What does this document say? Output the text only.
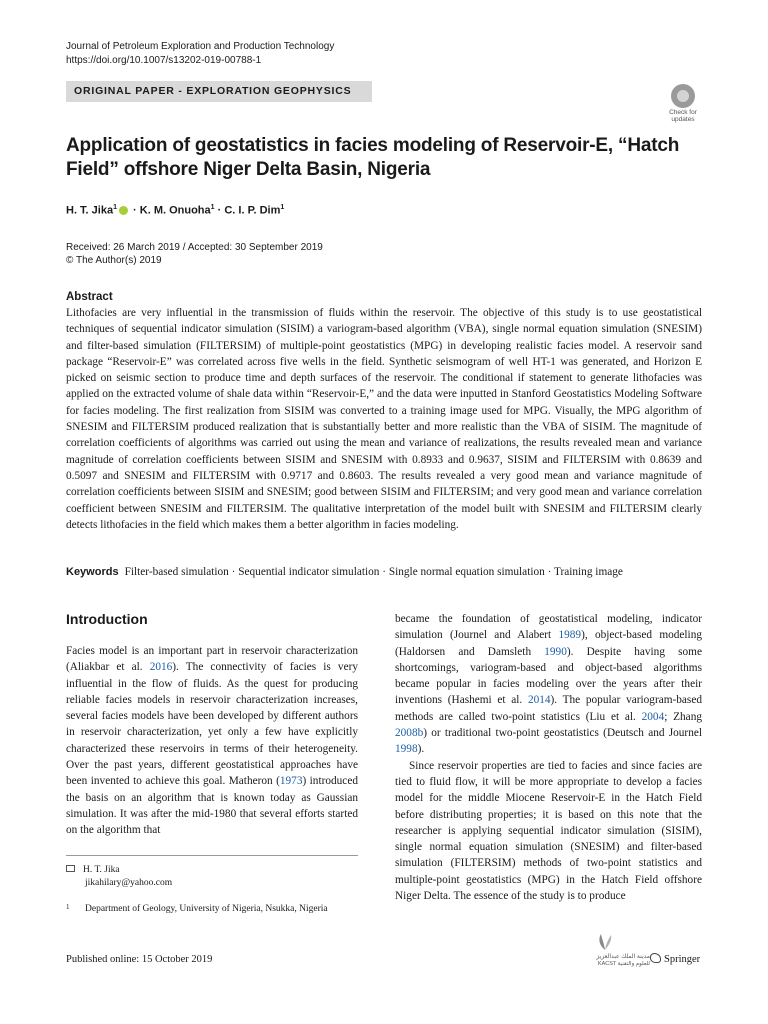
Journal of Petroleum Exploration and Production Technology
https://doi.org/10.1007/s13202-019-00788-1
ORIGINAL PAPER - EXPLORATION GEOPHYSICS
Check for
updates
Application of geostatistics in facies modeling of Reservoir-E, “Hatch Field” offshore Niger Delta Basin, Nigeria
H. T. Jika$^1$ · K. M. Onuoha$^1$ · C. I. P. Dim$^1$
Received: 26 March 2019 / Accepted: 30 September 2019
© The Author(s) 2019
Abstract
Lithofacies are very influential in the transmission of fluids within the reservoir. The objective of this study is to use geostatistical techniques of sequential indicator simulation (SISIM) a variogram-based algorithm (VBA), single normal equation simulation (SNESIM) and filter-based simulation (FILTERSIM) of multiple-point geostatistics (MPG) in developing realistic facies model. A reservoir sand package “Reservoir-E” was correlated across five wells in the field. Synthetic seismogram of well HT-1 was generated, and Horizon E picked on seismic section to produce time and depth surfaces of the reservoir. The conditional if statement to generate lithofacies was applied on the extracted volume of shale data within “Reservoir-E,” and the data were inputted in Stanford Geostatistics Modeling Software for facies modeling. The first realization from SISIM was converted to a training image used for MPG. Visually, the MPG algorithm of SNESIM and FILTERSIM produced realization that is substantially better and more realistic than the VBA of SISIM. The magnitude of correlation coefficients of algorithms was carried out using the mean and variance of realizations, the results revealed mean and variance magnitude of correlation coefficients between SISIM and SNESIM with 0.8933 and 0.9637, SISIM and FILTERSIM with 0.8639 and 0.5097 and SNESIM and FILTERSIM with 0.9717 and 0.8603. The results revealed a very good mean and variance magnitude of correlation coefficients between SISIM and SNESIM; good between SISIM and FILTERSIM; and very good mean and variance correlation coefficient between SNESIM and FILTERSIM. The qualitative interpretation of the model built with SNESIM and FILTERSIM clearly detects lithofacies in the field which makes them a better algorithm in facies modeling.
Keywords Filter-based simulation · Sequential indicator simulation · Single normal equation simulation · Training image
Introduction

Facies model is an important part in reservoir characterization (Aliakbar et al. 2016). The connectivity of facies is very influential in the flow of fluids. As the quest for producing reliable facies models in reservoir characterization increases, several facies models have been developed by different authors in reservoir characterization, yet only a few have explicitly characterized these reservoirs in terms of their heterogeneity. Over the past years, different geostatistical approaches have been invented to achieve this goal. Matheron (1973) introduced the basis on an algorithm that is known today as Gaussian simulation. It was after the mid-1980 that several efforts started on the algorithm that

became the foundation of geostatistical modeling, indicator simulation (Journel and Alabert 1989), object-based modeling (Haldorsen and Damsleth 1990). Despite having some shortcomings, variogram-based and object-based algorithms became popular in facies modeling over the years after their inventions (Hashemi et al. 2014). The popular variogram-based methods are called two-point statistics (Liu et al. 2004; Zhang 2008b) or traditional two-point geostatistics (Deutsch and Journel 1998).

Since reservoir properties are tied to facies and since facies are tied to fluid flow, it will be more appropriate to develop a facies model for the middle Miocene Reservoir-E in the Hatch Field before distributing properties; it is based on this note that the researcher is applying sequential indicator simulation (SISIM), single normal equation simulation (SNESIM) and filter-based simulation (FILTERSIM) methods of two-point statistics and multiple-point geostatistics (MPG) in the Hatch Field offshore Niger Delta. The essence of the study is to produce

H. T. Jika
jikahilary@yahoo.com
1	Department of Geology, University of Nigeria, Nsukka, Nigeria
Published online: 15 October 2019	مدينة الملك عبدالعزيز
KACST للعلوم والتقنية	Springer
